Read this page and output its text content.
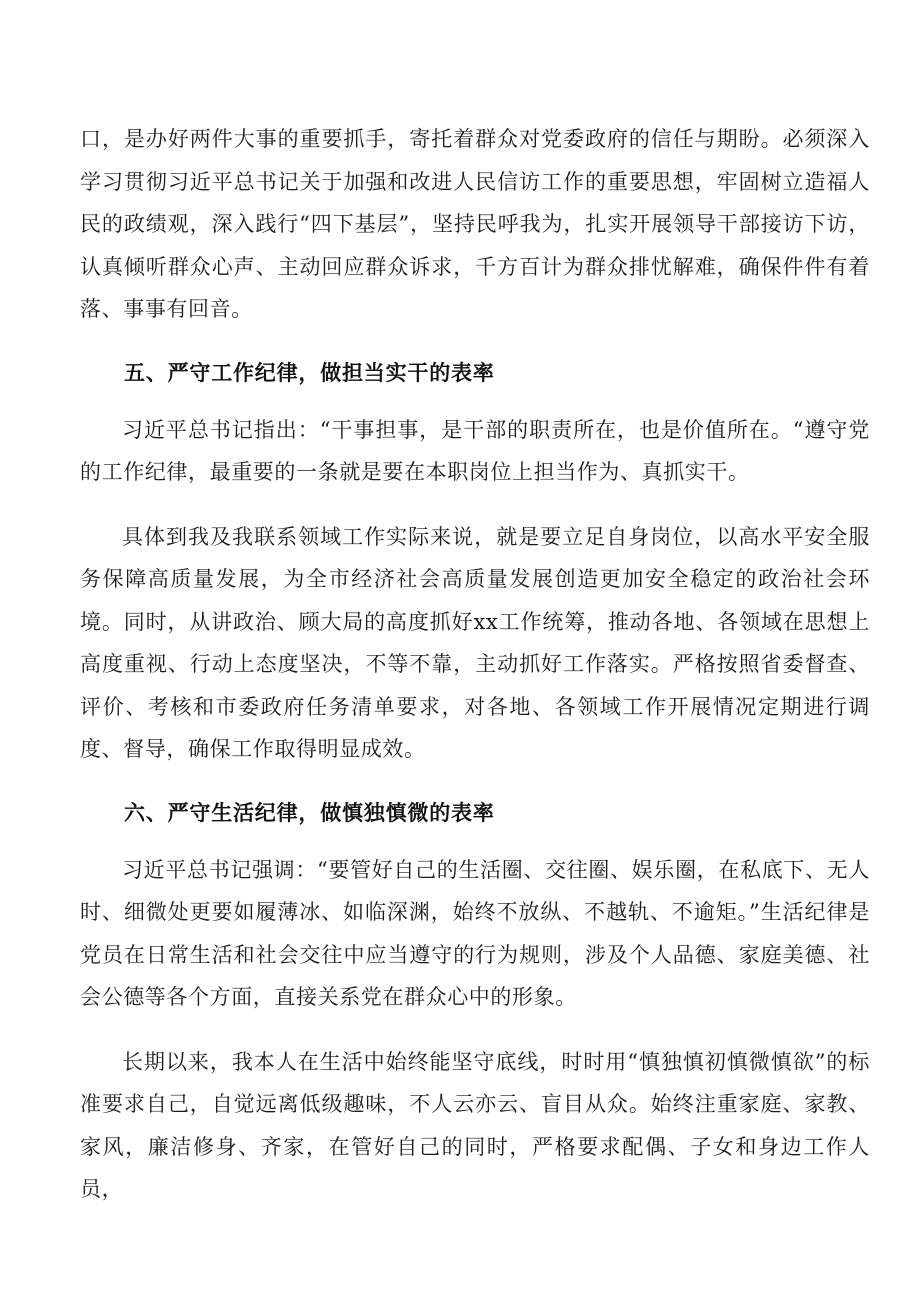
口，是办好两件大事的重要抓手，寄托着群众对党委政府的信任与期盼。必须深入学习贯彻习近平总书记关于加强和改进人民信访工作的重要思想，牢固树立造福人民的政绩观，深入践行“四下基层”，坚持民呼我为，扎实开展领导干部接访下访，认真倾听群众心声、主动回应群众诉求，千方百计为群众排忧解难，确保件件有着落、事事有回音。

五、严守工作纪律，做担当实干的表率

习近平总书记指出：“干事担事，是干部的职责所在，也是价值所在。“遵守党的工作纪律，最重要的一条就是要在本职岗位上担当作为、真抓实干。

具体到我及我联系领域工作实际来说，就是要立足自身岗位，以高水平安全服务保障高质量发展，为全市经济社会高质量发展创造更加安全稳定的政治社会环境。同时，从讲政治、顾大局的高度抓好xx工作统筹，推动各地、各领域在思想上高度重视、行动上态度坚决，不等不靠，主动抓好工作落实。严格按照省委督查、评价、考核和市委政府任务清单要求，对各地、各领域工作开展情况定期进行调度、督导，确保工作取得明显成效。

六、严守生活纪律，做慎独慎微的表率

习近平总书记强调：“要管好自己的生活圈、交往圈、娱乐圈，在私底下、无人时、细微处更要如履薄冰、如临深渊，始终不放纵、不越轨、不逾矩。”生活纪律是党员在日常生活和社会交往中应当遵守的行为规则，涉及个人品德、家庭美德、社会公德等各个方面，直接关系党在群众心中的形象。

长期以来，我本人在生活中始终能坚守底线，时时用“慎独慎初慎微慎欲”的标准要求自己，自觉远离低级趣味，不人云亦云、盲目从众。始终注重家庭、家教、家风，廉洁修身、齐家，在管好自己的同时，严格要求配偶、子女和身边工作人员，
